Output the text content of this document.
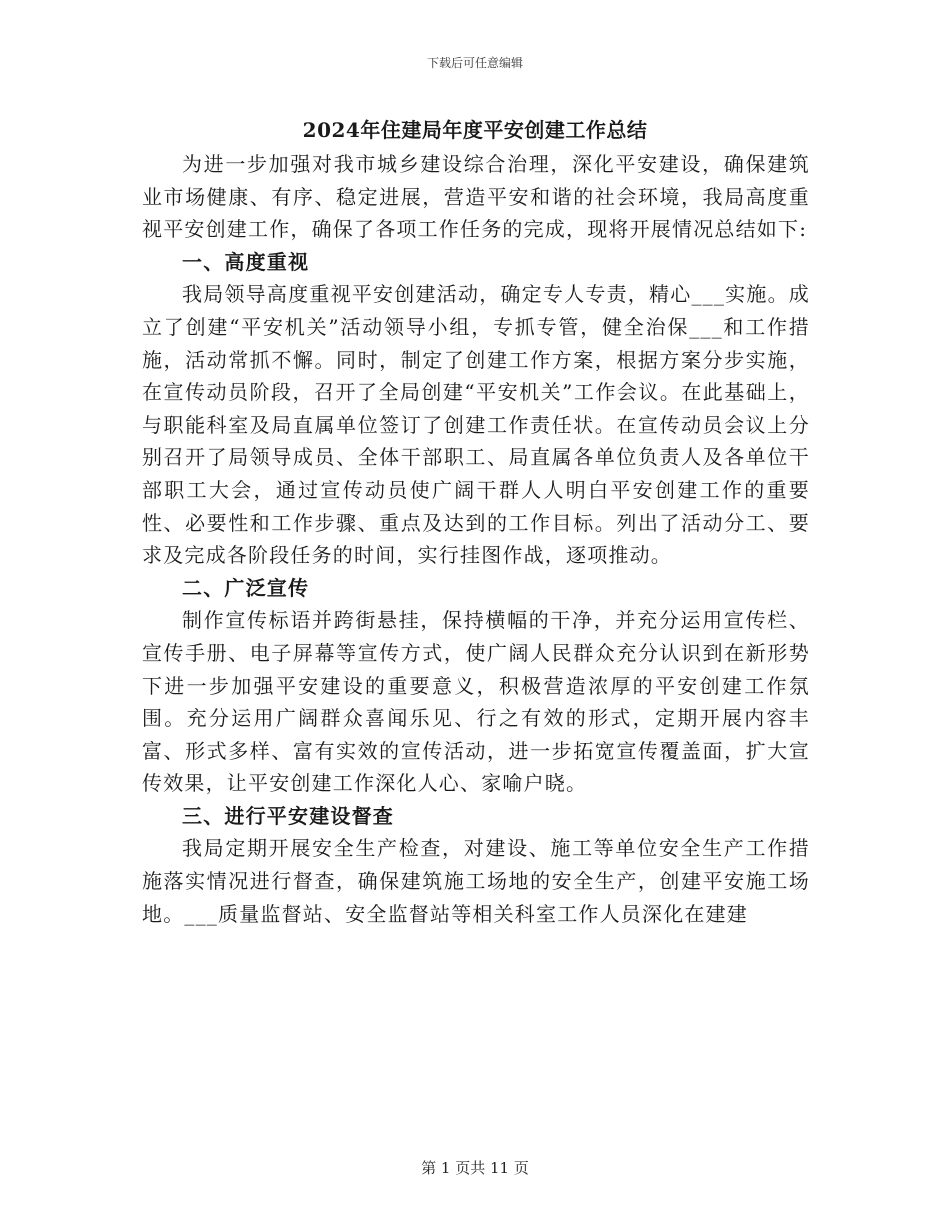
下载后可任意编辑
2024年住建局年度平安创建工作总结

为进一步加强对我市城乡建设综合治理，深化平安建设，确保建筑业市场健康、有序、稳定进展，营造平安和谐的社会环境，我局高度重视平安创建工作，确保了各项工作任务的完成，现将开展情况总结如下:

一、高度重视

我局领导高度重视平安创建活动，确定专人专责，精心___实施。成立了创建“平安机关”活动领导小组，专抓专管，健全治保___和工作措施，活动常抓不懈。同时，制定了创建工作方案，根据方案分步实施，在宣传动员阶段，召开了全局创建“平安机关”工作会议。在此基础上，与职能科室及局直属单位签订了创建工作责任状。在宣传动员会议上分别召开了局领导成员、全体干部职工、局直属各单位负责人及各单位干部职工大会，通过宣传动员使广阔干群人人明白平安创建工作的重要性、必要性和工作步骤、重点及达到的工作目标。列出了活动分工、要求及完成各阶段任务的时间，实行挂图作战，逐项推动。

二、广泛宣传

制作宣传标语并跨街悬挂，保持横幅的干净，并充分运用宣传栏、宣传手册、电子屏幕等宣传方式，使广阔人民群众充分认识到在新形势下进一步加强平安建设的重要意义，积极营造浓厚的平安创建工作氛围。充分运用广阔群众喜闻乐见、行之有效的形式，定期开展内容丰富、形式多样、富有实效的宣传活动，进一步拓宽宣传覆盖面，扩大宣传效果，让平安创建工作深化人心、家喻户晓。

三、进行平安建设督查

我局定期开展安全生产检查，对建设、施工等单位安全生产工作措施落实情况进行督查，确保建筑施工场地的安全生产，创建平安施工场地。___质量监督站、安全监督站等相关科室工作人员深化在建建

第 1 页共 11 页
